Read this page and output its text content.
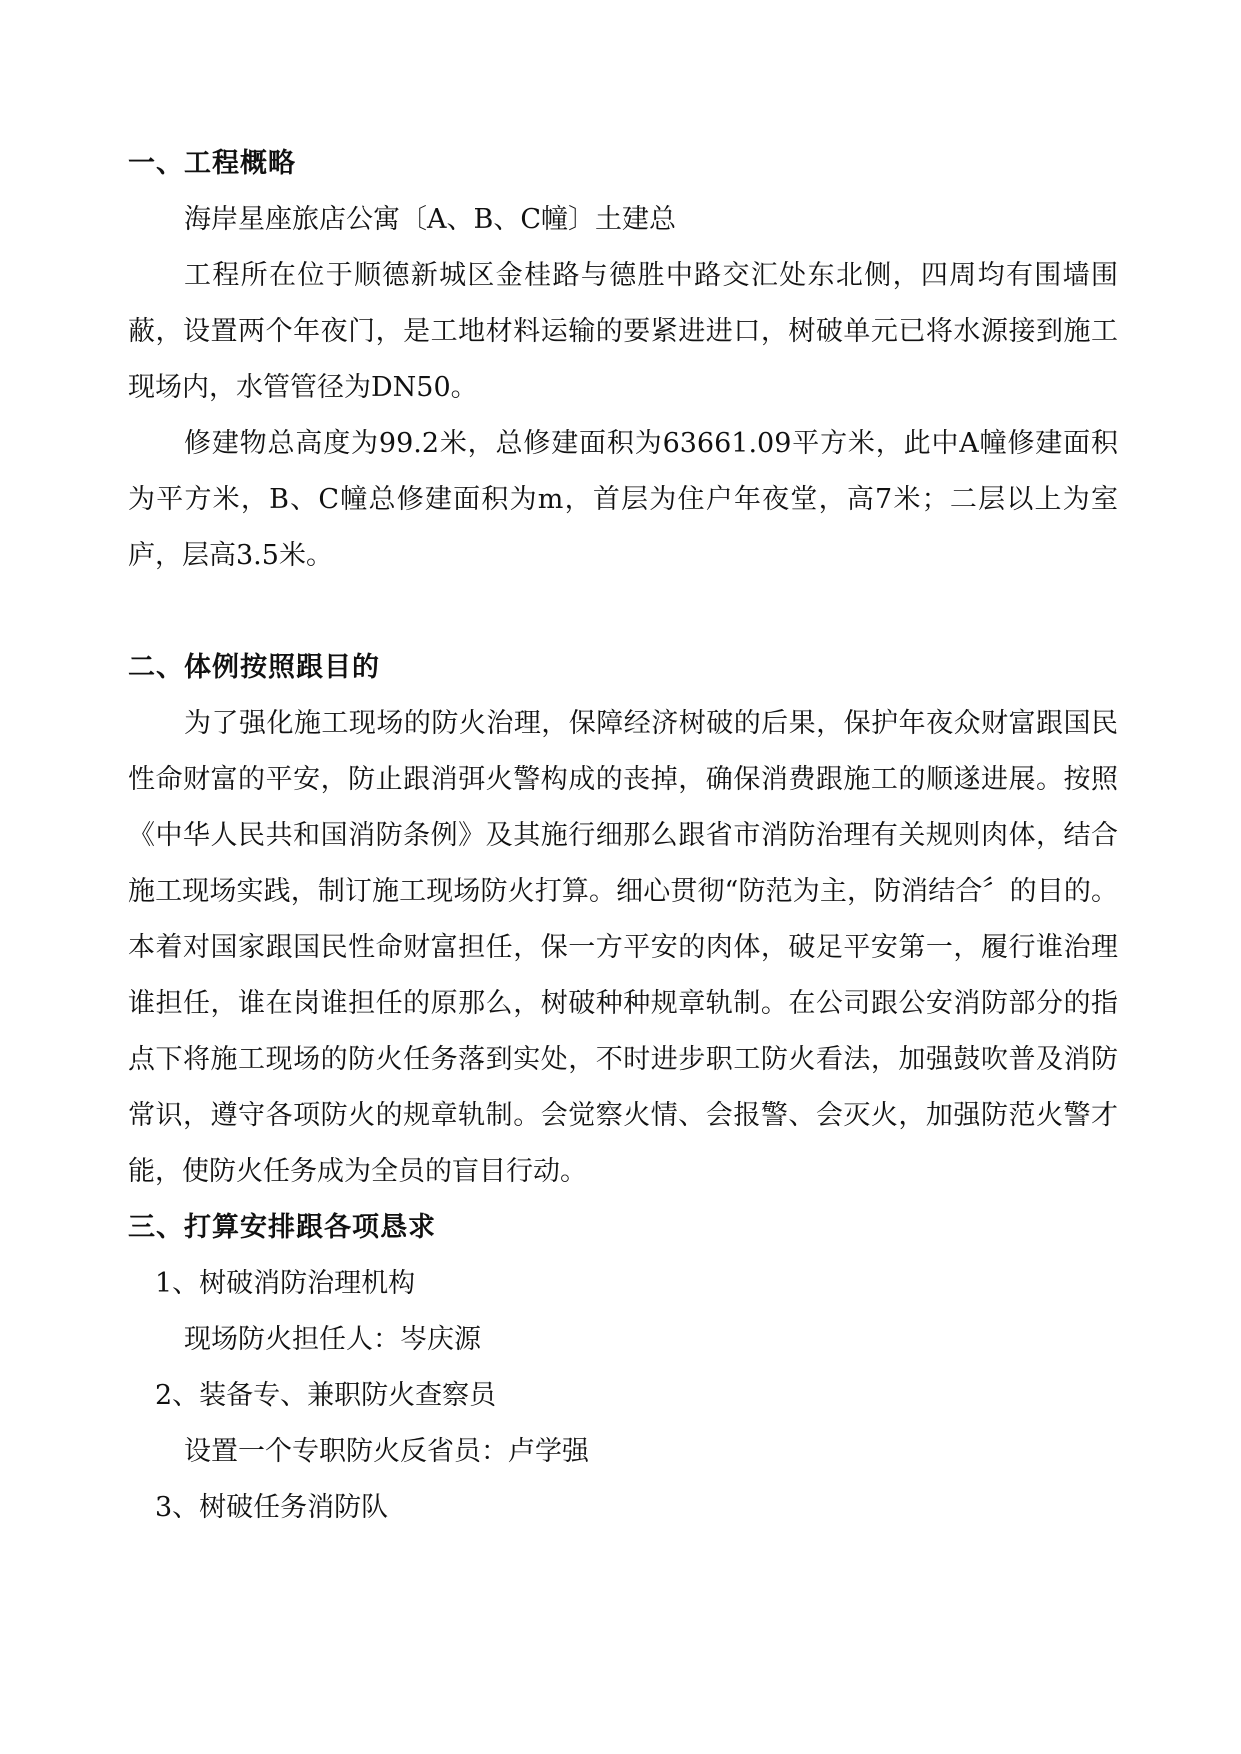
一、工程概略

海岸星座旅店公寓〔A、B、C幢〕土建总

工程所在位于顺德新城区金桂路与德胜中路交汇处东北侧，四周均有围墙围蔽，设置两个年夜门，是工地材料运输的要紧进进口，树破单元已将水源接到施工现场内，水管管径为DN50。

修建物总高度为99.2米，总修建面积为63661.09平方米，此中A幢修建面积为平方米，B、C幢总修建面积为m，首层为住户年夜堂，高7米；二层以上为室庐，层高3.5米。

二、体例按照跟目的

为了强化施工现场的防火治理，保障经济树破的后果，保护年夜众财富跟国民性命财富的平安，防止跟消弭火警构成的丧掉，确保消费跟施工的顺遂进展。按照《中华人民共和国消防条例》及其施行细那么跟省市消防治理有关规则肉体，结合施工现场实践，制订施工现场防火打算。细心贯彻“防范为主，防消结合〞的目的。本着对国家跟国民性命财富担任，保一方平安的肉体，破足平安第一，履行谁治理谁担任，谁在岗谁担任的原那么，树破种种规章轨制。在公司跟公安消防部分的指点下将施工现场的防火任务落到实处，不时进步职工防火看法，加强鼓吹普及消防常识，遵守各项防火的规章轨制。会觉察火情、会报警、会灭火，加强防范火警才能，使防火任务成为全员的盲目行动。

三、打算安排跟各项恳求

1、树破消防治理机构

现场防火担任人：岑庆源

2、装备专、兼职防火查察员

设置一个专职防火反省员：卢学强

3、树破任务消防队
